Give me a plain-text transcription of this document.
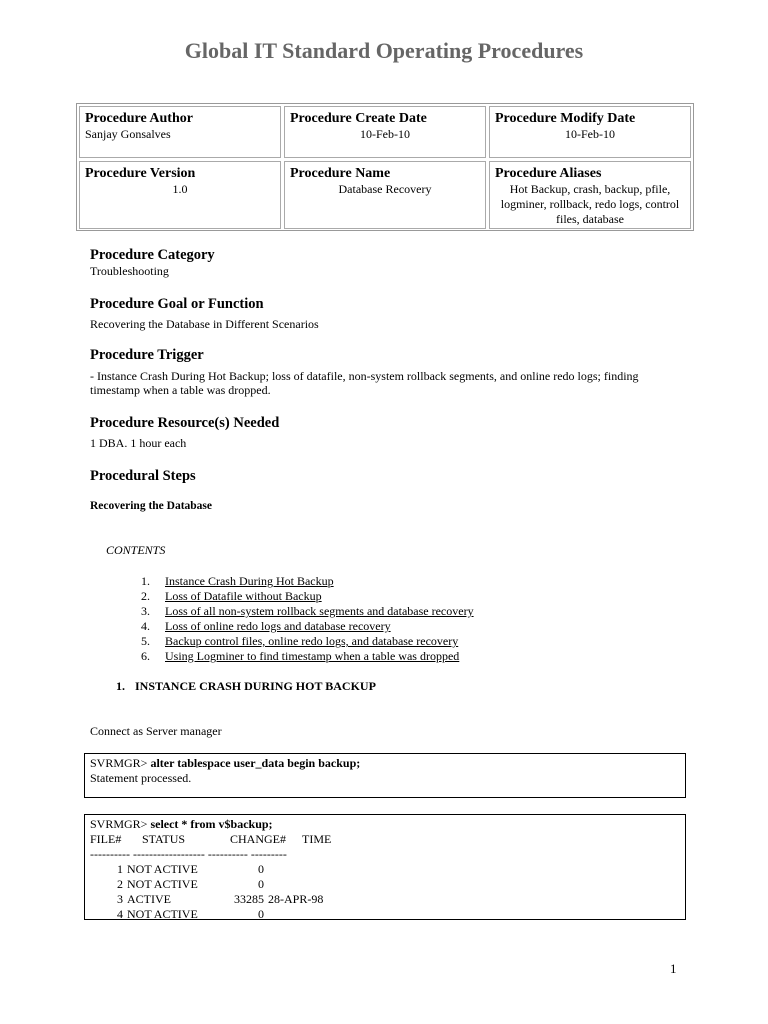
Global IT Standard Operating Procedures
Procedure Author
Sanjay Gonsalves
Procedure Create Date
10-Feb-10
Procedure Modify Date
10-Feb-10
Procedure Version
1.0
Procedure Name
Database Recovery
Procedure Aliases
Hot Backup, crash, backup, pfile, logminer, rollback, redo logs, control files, database
Procedure Category
Troubleshooting
Procedure Goal or Function
Recovering the Database in Different Scenarios
Procedure Trigger
- Instance Crash During Hot Backup; loss of datafile, non-system rollback segments, and online redo logs; finding timestamp when a table was dropped.
Procedure Resource(s) Needed
1 DBA. 1 hour each
Procedural Steps
Recovering the Database
CONTENTS
1.	Instance Crash During Hot Backup
2.	Loss of Datafile without Backup
3.	Loss of all non-system rollback segments and database recovery
4.	Loss of online redo logs and database recovery
5.	Backup control files, online redo logs, and database recovery
6.	Using Logminer to find timestamp when a table was dropped
1. INSTANCE CRASH DURING HOT BACKUP
Connect as Server manager
SVRMGR> alter tablespace user_data begin backup;
Statement processed.
SVRMGR> select * from v$backup;
FILE#	STATUS	CHANGE#	TIME
---------- ------------------ ---------- ---------
1 NOT ACTIVE	0
2 NOT ACTIVE	0
3 ACTIVE	33285 28-APR-98
4 NOT ACTIVE	0
1
